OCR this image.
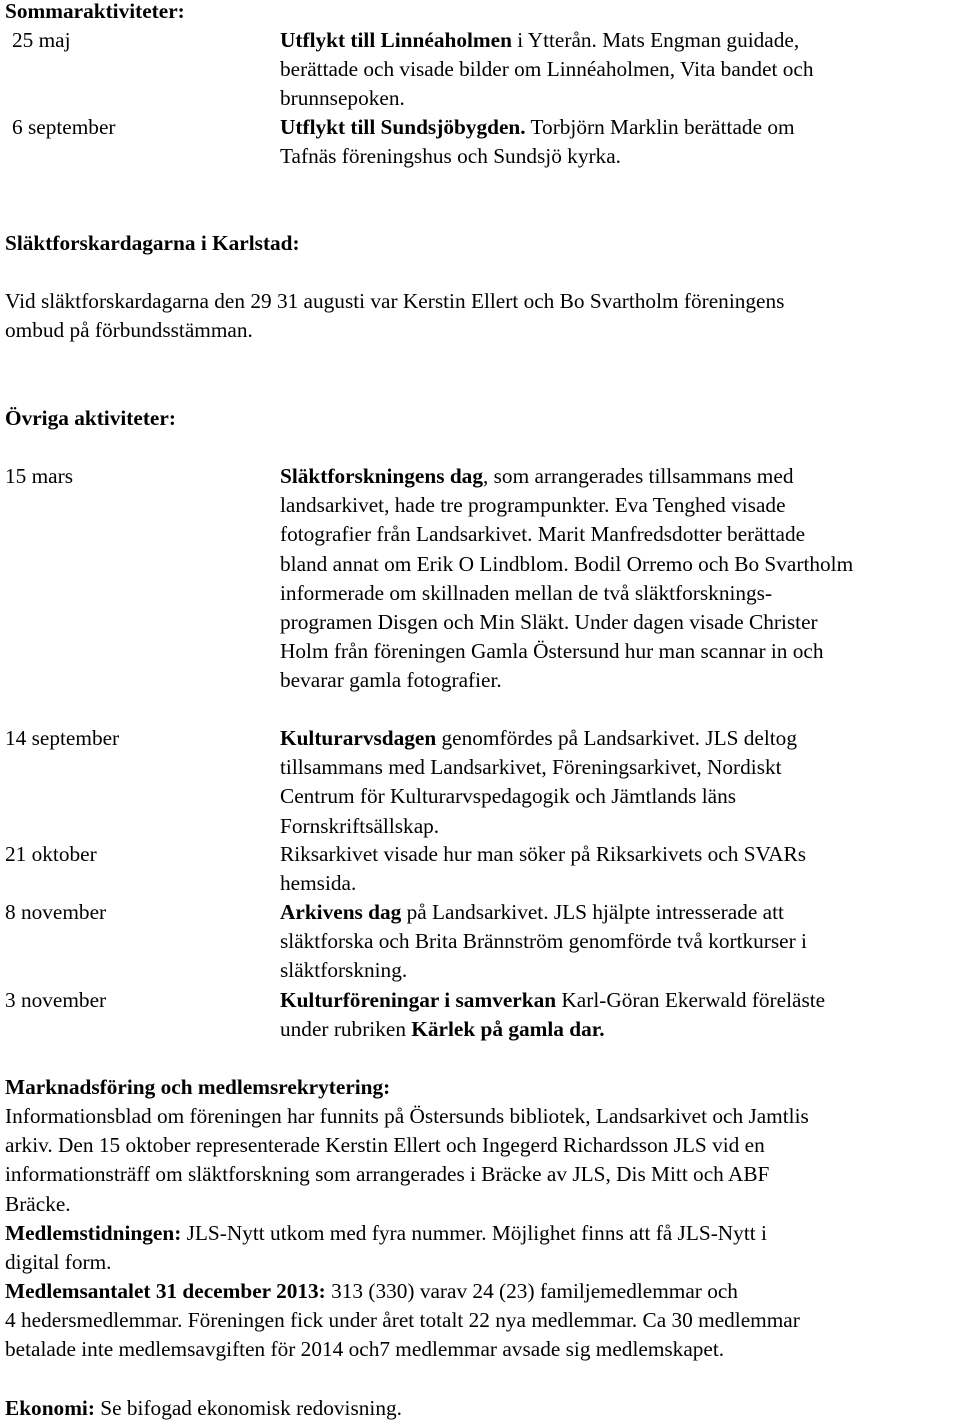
Sommaraktiviteter:
25 maj	Utflykt till Linnéaholmen i Ytterån. Mats Engman guidade,
berättade och visade bilder om Linnéaholmen, Vita bandet och
brunnsepoken.
6 september	Utflykt till Sundsjöbygden. Torbjörn Marklin berättade om
Tafnäs föreningshus och Sundsjö kyrka.
Släktforskardagarna i Karlstad:
Vid släktforskardagarna den 29 31 augusti var Kerstin Ellert och Bo Svartholm föreningens
ombud på förbundsstämman.
Övriga aktiviteter:
15 mars	Släktforskningens dag, som arrangerades tillsammans med
landsarkivet, hade tre programpunkter. Eva Tenghed visade
fotografier från Landsarkivet. Marit Manfredsdotter berättade
bland annat om Erik O Lindblom. Bodil Orremo och Bo Svartholm
informerade om skillnaden mellan de två släktforsknings-
programen Disgen och Min Släkt. Under dagen visade Christer
Holm från föreningen Gamla Östersund hur man scannar in och
bevarar gamla fotografier.
14 september	Kulturarvsdagen genomfördes på Landsarkivet. JLS deltog
tillsammans med Landsarkivet, Föreningsarkivet, Nordiskt
Centrum för Kulturarvspedagogik och Jämtlands läns
Fornskriftsällskap.
21 oktober	Riksarkivet visade hur man söker på Riksarkivets och SVARs
hemsida.
8 november	Arkivens dag på Landsarkivet. JLS hjälpte intresserade att
släktforska och Brita Brännström genomförde två kortkurser i
släktforskning.
3 november	Kulturföreningar i samverkan Karl-Göran Ekerwald föreläste
under rubriken Kärlek på gamla dar.
Marknadsföring och medlemsrekrytering:
Informationsblad om föreningen har funnits på Östersunds bibliotek, Landsarkivet och Jamtlis
arkiv. Den 15 oktober representerade Kerstin Ellert och Ingegerd Richardsson JLS vid en
informationsträff om släktforskning som arrangerades i Bräcke av JLS, Dis Mitt och ABF
Bräcke.
Medlemstidningen: JLS-Nytt utkom med fyra nummer. Möjlighet finns att få JLS-Nytt i
digital form.
Medlemsantalet 31 december 2013: 313 (330) varav 24 (23) familjemedlemmar och
4 hedersmedlemmar. Föreningen fick under året totalt 22 nya medlemmar. Ca 30 medlemmar
betalade inte medlemsavgiften för 2014 och7 medlemmar avsade sig medlemskapet.
Ekonomi: Se bifogad ekonomisk redovisning.
